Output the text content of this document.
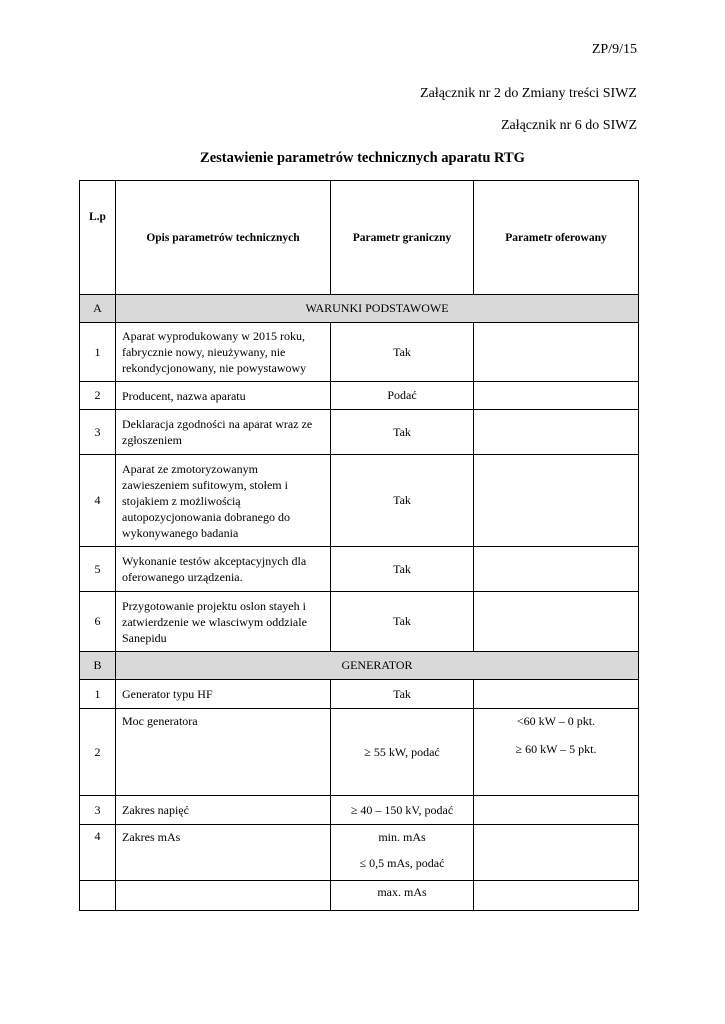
ZP/9/15
Załącznik nr 2 do Zmiany treści SIWZ
Załącznik nr 6 do SIWZ
Zestawienie parametrów technicznych aparatu RTG
L.p	Opis parametrów technicznych	Parametr graniczny	Parametr oferowany
A	WARUNKI PODSTAWOWE		
1	Aparat wyprodukowany w 2015 roku, fabrycznie nowy, nieużywany, nie rekondycjonowany, nie powystawowy	Tak	
2	Producent, nazwa aparatu	Podać	
3	Deklaracja zgodności na aparat wraz ze zgłoszeniem	Tak	
4	Aparat ze zmotoryzowanym zawieszeniem sufitowym, stołem i stojakiem z możliwością autopozycjonowania dobranego do wykonywanego badania	Tak	
5	Wykonanie testów akceptacyjnych dla oferowanego urządzenia.	Tak	
6	Przygotowanie projektu oslon stayeh i zatwierdzenie we wlasciwym oddziale Sanepidu	Tak	
B	GENERATOR		
1	Generator typu HF	Tak	
2	Moc generatora	≥ 55 kW, podać	<60 kW – 0 pkt.

≥ 60 kW – 5 pkt.

3	Zakres napięć	≥ 40 – 150 kV, podać	
4	Zakres mAs	min. mAs

≤ 0,5 mAs, podać	

		max. mAs	
